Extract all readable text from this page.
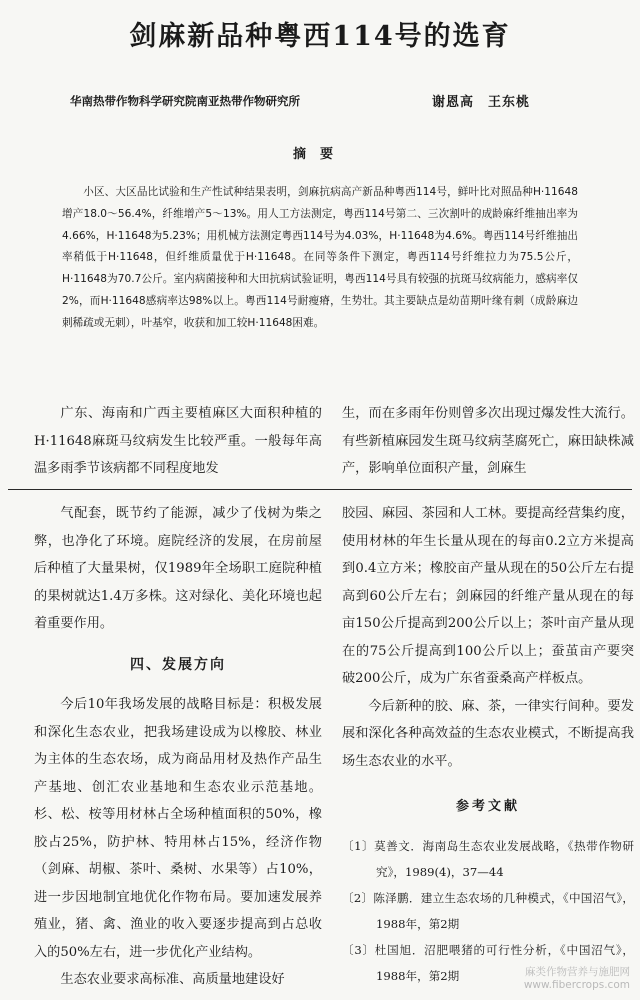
剑麻新品种粤西114号的选育
华南热带作物科学研究院南亚热带作物研究所	谢恩高　王东桃
摘要
小区、大区品比试验和生产性试种结果表明，剑麻抗病高产新品种粤西114号，鲜叶比对照品种H·11648增产18.0～56.4%，纤维增产5～13%。用人工方法测定，粤西114号第二、三次割叶的成龄麻纤维抽出率为4.66%，H·11648为5.23%；用机械方法测定粤西114号为4.03%，H·11648为4.6%。粤西114号纤维抽出率稍低于H·11648，但纤维质量优于H·11648。在同等条件下测定，粤西114号纤维拉力为75.5公斤，H·11648为70.7公斤。室内病菌接种和大田抗病试验证明，粤西114号具有较强的抗斑马纹病能力，感病率仅2%，而H·11648感病率达98%以上。粤西114号耐瘦瘠，生势壮。其主要缺点是幼苗期叶缘有刺（成龄麻边刺稀疏或无刺），叶基窄，收获和加工较H·11648困难。
广东、海南和广西主要植麻区大面积种植的H·11648麻斑马纹病发生比较严重。一般每年高温多雨季节该病都不同程度地发
生，而在多雨年份则曾多次出现过爆发性大流行。有些新植麻园发生斑马纹病茎腐死亡，麻田缺株减产，影响单位面积产量，剑麻生

气配套，既节约了能源，减少了伐树为柴之弊，也净化了环境。庭院经济的发展，在房前屋后种植了大量果树，仅1989年全场职工庭院种植的果树就达1.4万多株。这对绿化、美化环境也起着重要作用。

四、发展方向

今后10年我场发展的战略目标是：积极发展和深化生态农业，把我场建设成为以橡胶、林业为主体的生态农场，成为商品用材及热作产品生产基地、创汇农业基地和生态农业示范基地。杉、松、桉等用材林占全场种植面积的50%，橡胶占25%，防护林、特用林占15%，经济作物（剑麻、胡椒、茶叶、桑树、水果等）占10%，进一步因地制宜地优化作物布局。要加速发展养殖业，猪、禽、渔业的收入要逐步提高到占总收入的50%左右，进一步优化产业结构。

生态农业要求高标准、高质量地建设好

胶园、麻园、茶园和人工林。要提高经营集约度，使用材林的年生长量从现在的每亩0.2立方米提高到0.4立方米；橡胶亩产量从现在的50公斤左右提高到60公斤左右；剑麻园的纤维产量从现在的每亩150公斤提高到200公斤以上；茶叶亩产量从现在的75公斤提高到100公斤以上；蚕茧亩产要突破200公斤，成为广东省蚕桑高产样板点。

今后新种的胶、麻、茶，一律实行间种。要发展和深化各种高效益的生态农业模式，不断提高我场生态农业的水平。

参考文献

〔1〕莫善文．海南岛生态农业发展战略，《热带作物研究》，1989(4)，37—44

〔2〕陈泽鹏．建立生态农场的几种模式，《中国沼气》，1988年，第2期

〔3〕杜国旭．沼肥喂猪的可行性分析，《中国沼气》，1988年，第2期	麻类作物营养与施肥网
www.fibercrops.com
